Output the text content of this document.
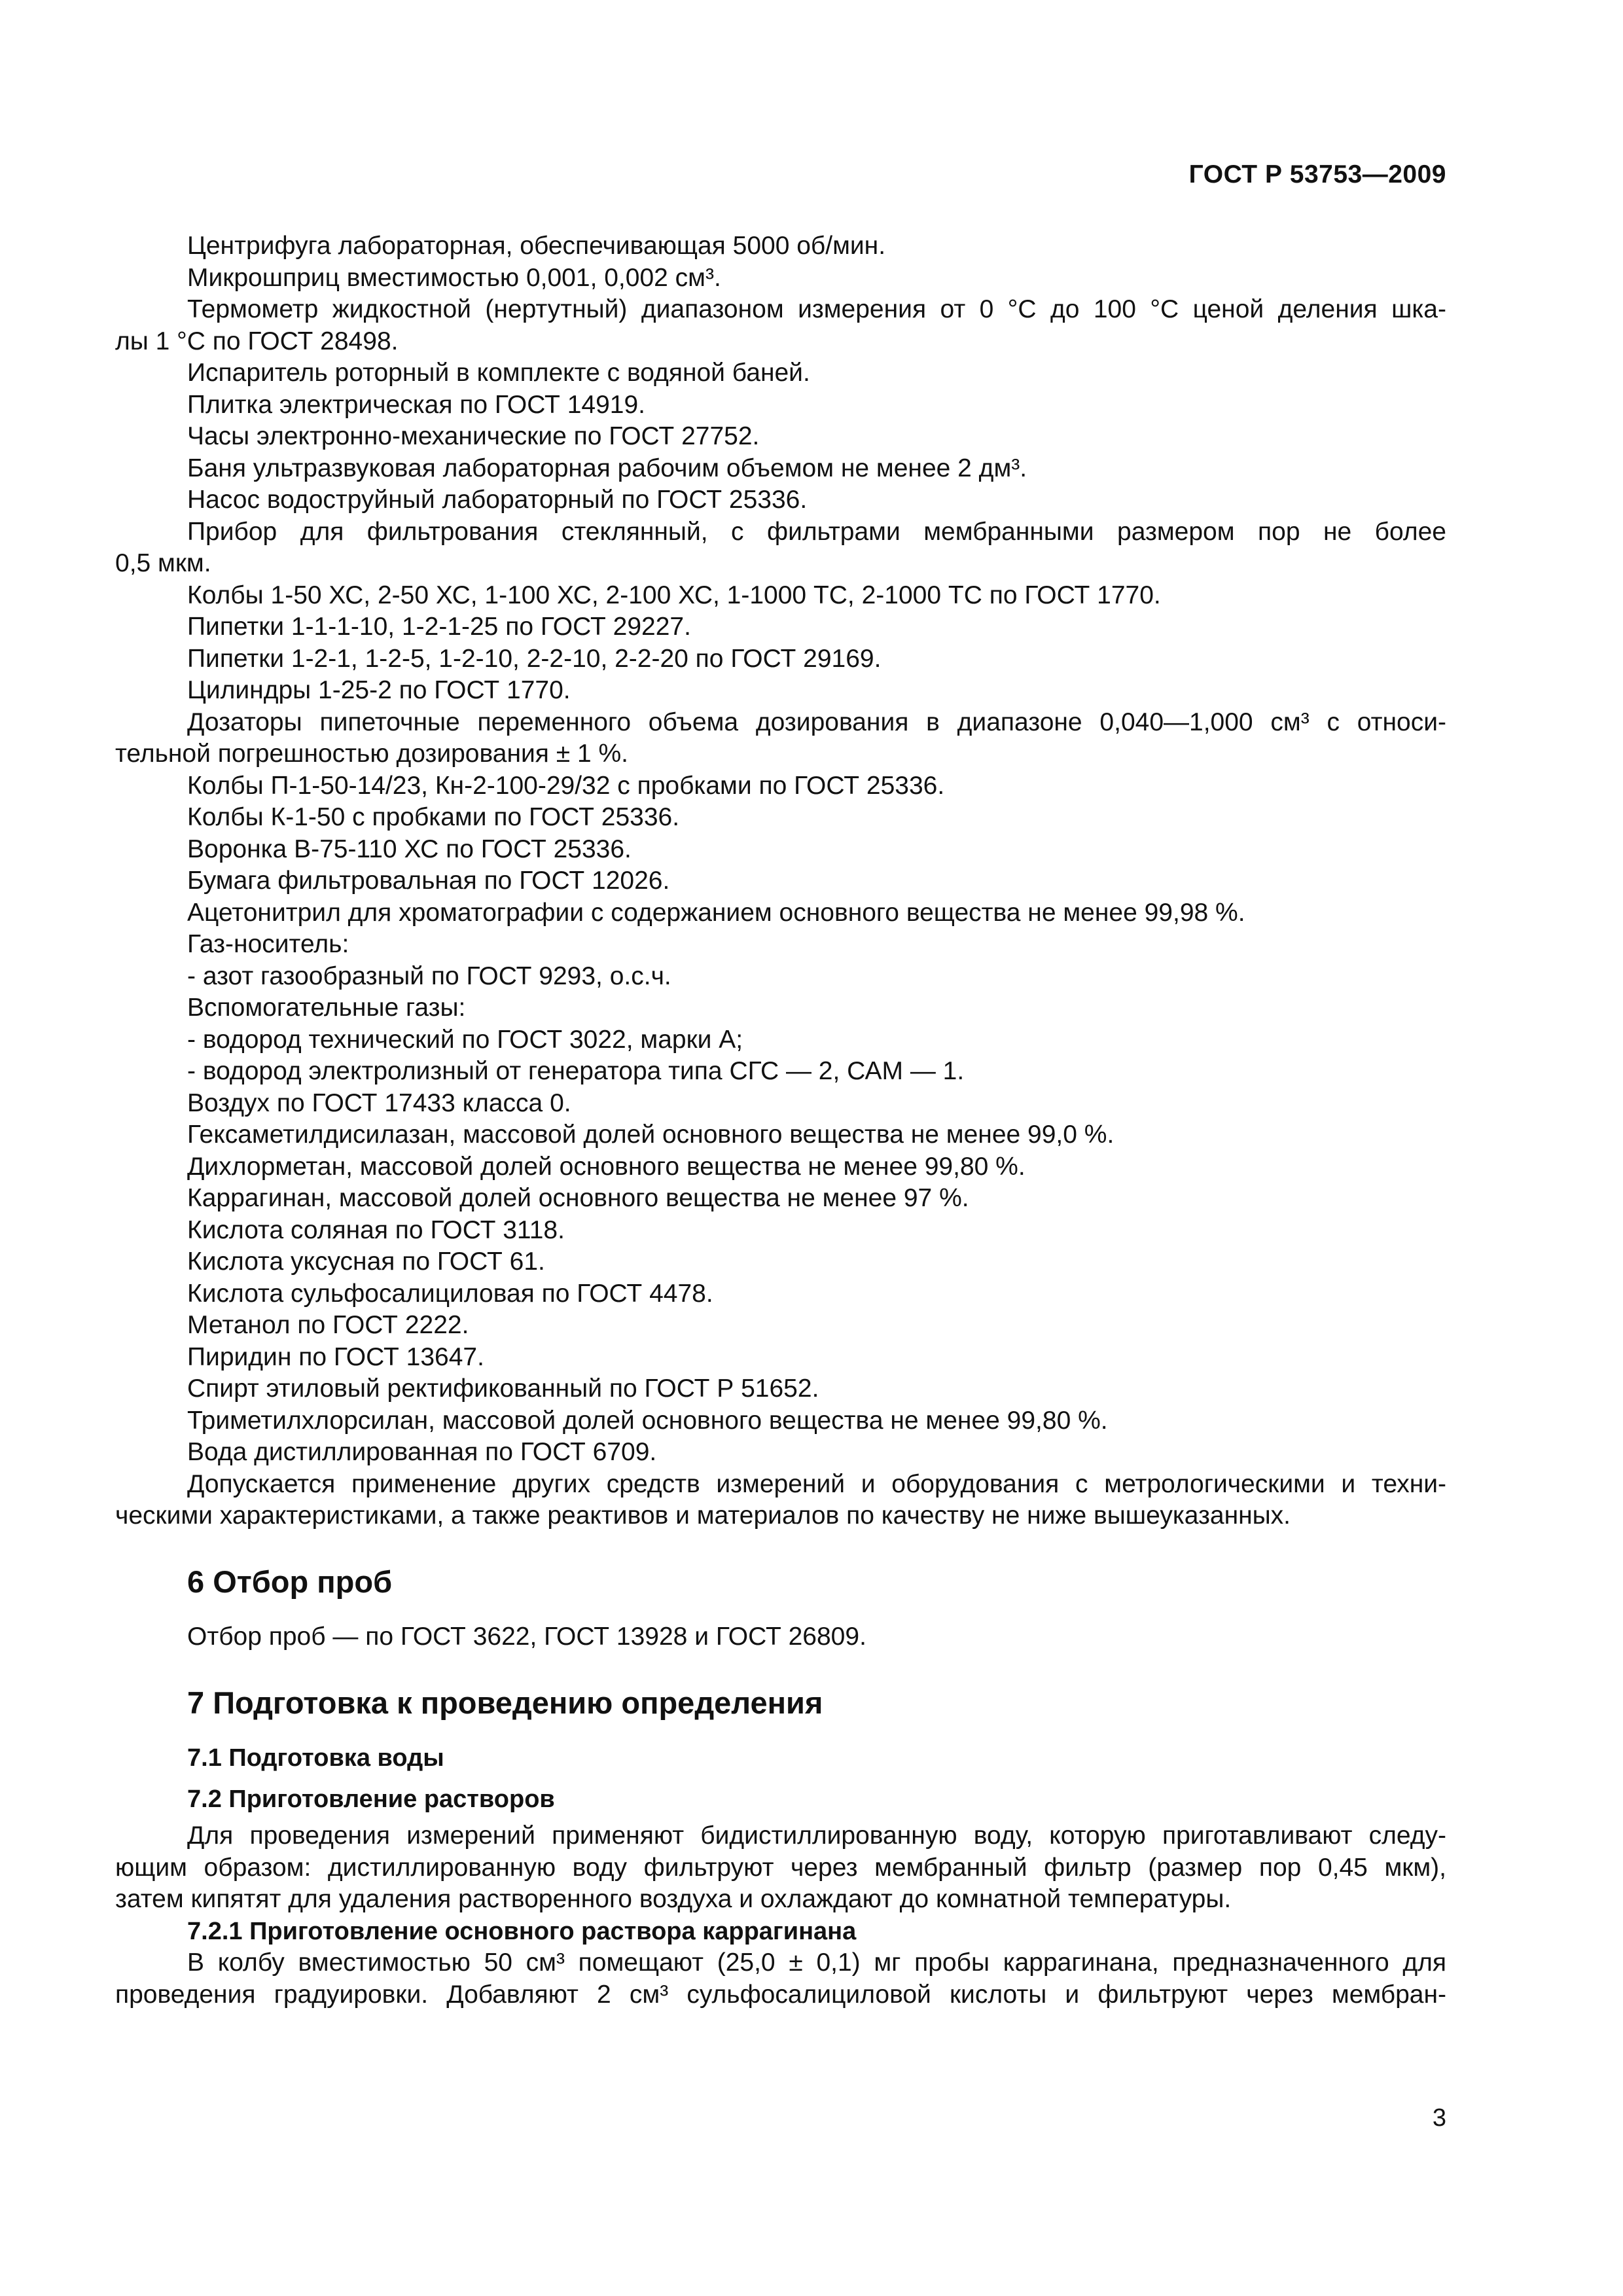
ГОСТ Р 53753—2009
Центрифуга лабораторная, обеспечивающая 5000 об/мин.
Микрошприц вместимостью 0,001, 0,002 см³.
Термометр жидкостной (нертутный) диапазоном измерения от 0 °С до 100 °С ценой деления шка-
лы 1 °С по ГОСТ 28498.
Испаритель роторный в комплекте с водяной баней.
Плитка электрическая по ГОСТ 14919.
Часы электронно-механические по ГОСТ 27752.
Баня ультразвуковая лабораторная рабочим объемом не менее 2 дм³.
Насос водоструйный лабораторный по ГОСТ 25336.
Прибор для фильтрования стеклянный, с фильтрами мембранными размером пор не более
0,5 мкм.
Колбы 1-50 ХС, 2-50 ХС, 1-100 ХС, 2-100 ХС, 1-1000 ТС, 2-1000 ТС по ГОСТ 1770.
Пипетки 1-1-1-10, 1-2-1-25 по ГОСТ 29227.
Пипетки 1-2-1, 1-2-5, 1-2-10, 2-2-10, 2-2-20 по ГОСТ 29169.
Цилиндры 1-25-2 по ГОСТ 1770.
Дозаторы пипеточные переменного объема дозирования в диапазоне 0,040—1,000 см³ с относи-
тельной погрешностью дозирования ± 1 %.
Колбы П-1-50-14/23, Кн-2-100-29/32 с пробками по ГОСТ 25336.
Колбы К-1-50 с пробками по ГОСТ 25336.
Воронка В-75-110 ХС по ГОСТ 25336.
Бумага фильтровальная по ГОСТ 12026.
Ацетонитрил для хроматографии с содержанием основного вещества не менее 99,98 %.
Газ-носитель:
- азот газообразный по ГОСТ 9293, о.с.ч.
Вспомогательные газы:
- водород технический по ГОСТ 3022, марки А;
- водород электролизный от генератора типа СГС — 2, САМ — 1.
Воздух по ГОСТ 17433 класса 0.
Гексаметилдисилазан, массовой долей основного вещества не менее 99,0 %.
Дихлорметан, массовой долей основного вещества не менее 99,80 %.
Каррагинан, массовой долей основного вещества не менее 97 %.
Кислота соляная по ГОСТ 3118.
Кислота уксусная по ГОСТ 61.
Кислота сульфосалициловая по ГОСТ 4478.
Метанол по ГОСТ 2222.
Пиридин по ГОСТ 13647.
Спирт этиловый ректификованный по ГОСТ Р 51652.
Триметилхлорсилан, массовой долей основного вещества не менее 99,80 %.
Вода дистиллированная по ГОСТ 6709.
Допускается применение других средств измерений и оборудования с метрологическими и техни-
ческими характеристиками, а также реактивов и материалов по качеству не ниже вышеуказанных.
6 Отбор проб
Отбор проб — по ГОСТ 3622, ГОСТ 13928 и ГОСТ 26809.
7 Подготовка к проведению определения
7.1 Подготовка воды
7.2 Приготовление растворов
Для проведения измерений применяют бидистиллированную воду, которую приготавливают следу-
ющим образом: дистиллированную воду фильтруют через мембранный фильтр (размер пор 0,45 мкм),
затем кипятят для удаления растворенного воздуха и охлаждают до комнатной температуры.
7.2.1 Приготовление основного раствора каррагинана
В колбу вместимостью 50 см³ помещают (25,0 ± 0,1) мг пробы каррагинана, предназначенного для
проведения градуировки. Добавляют 2 см³ сульфосалициловой кислоты и фильтруют через мембран-
3
